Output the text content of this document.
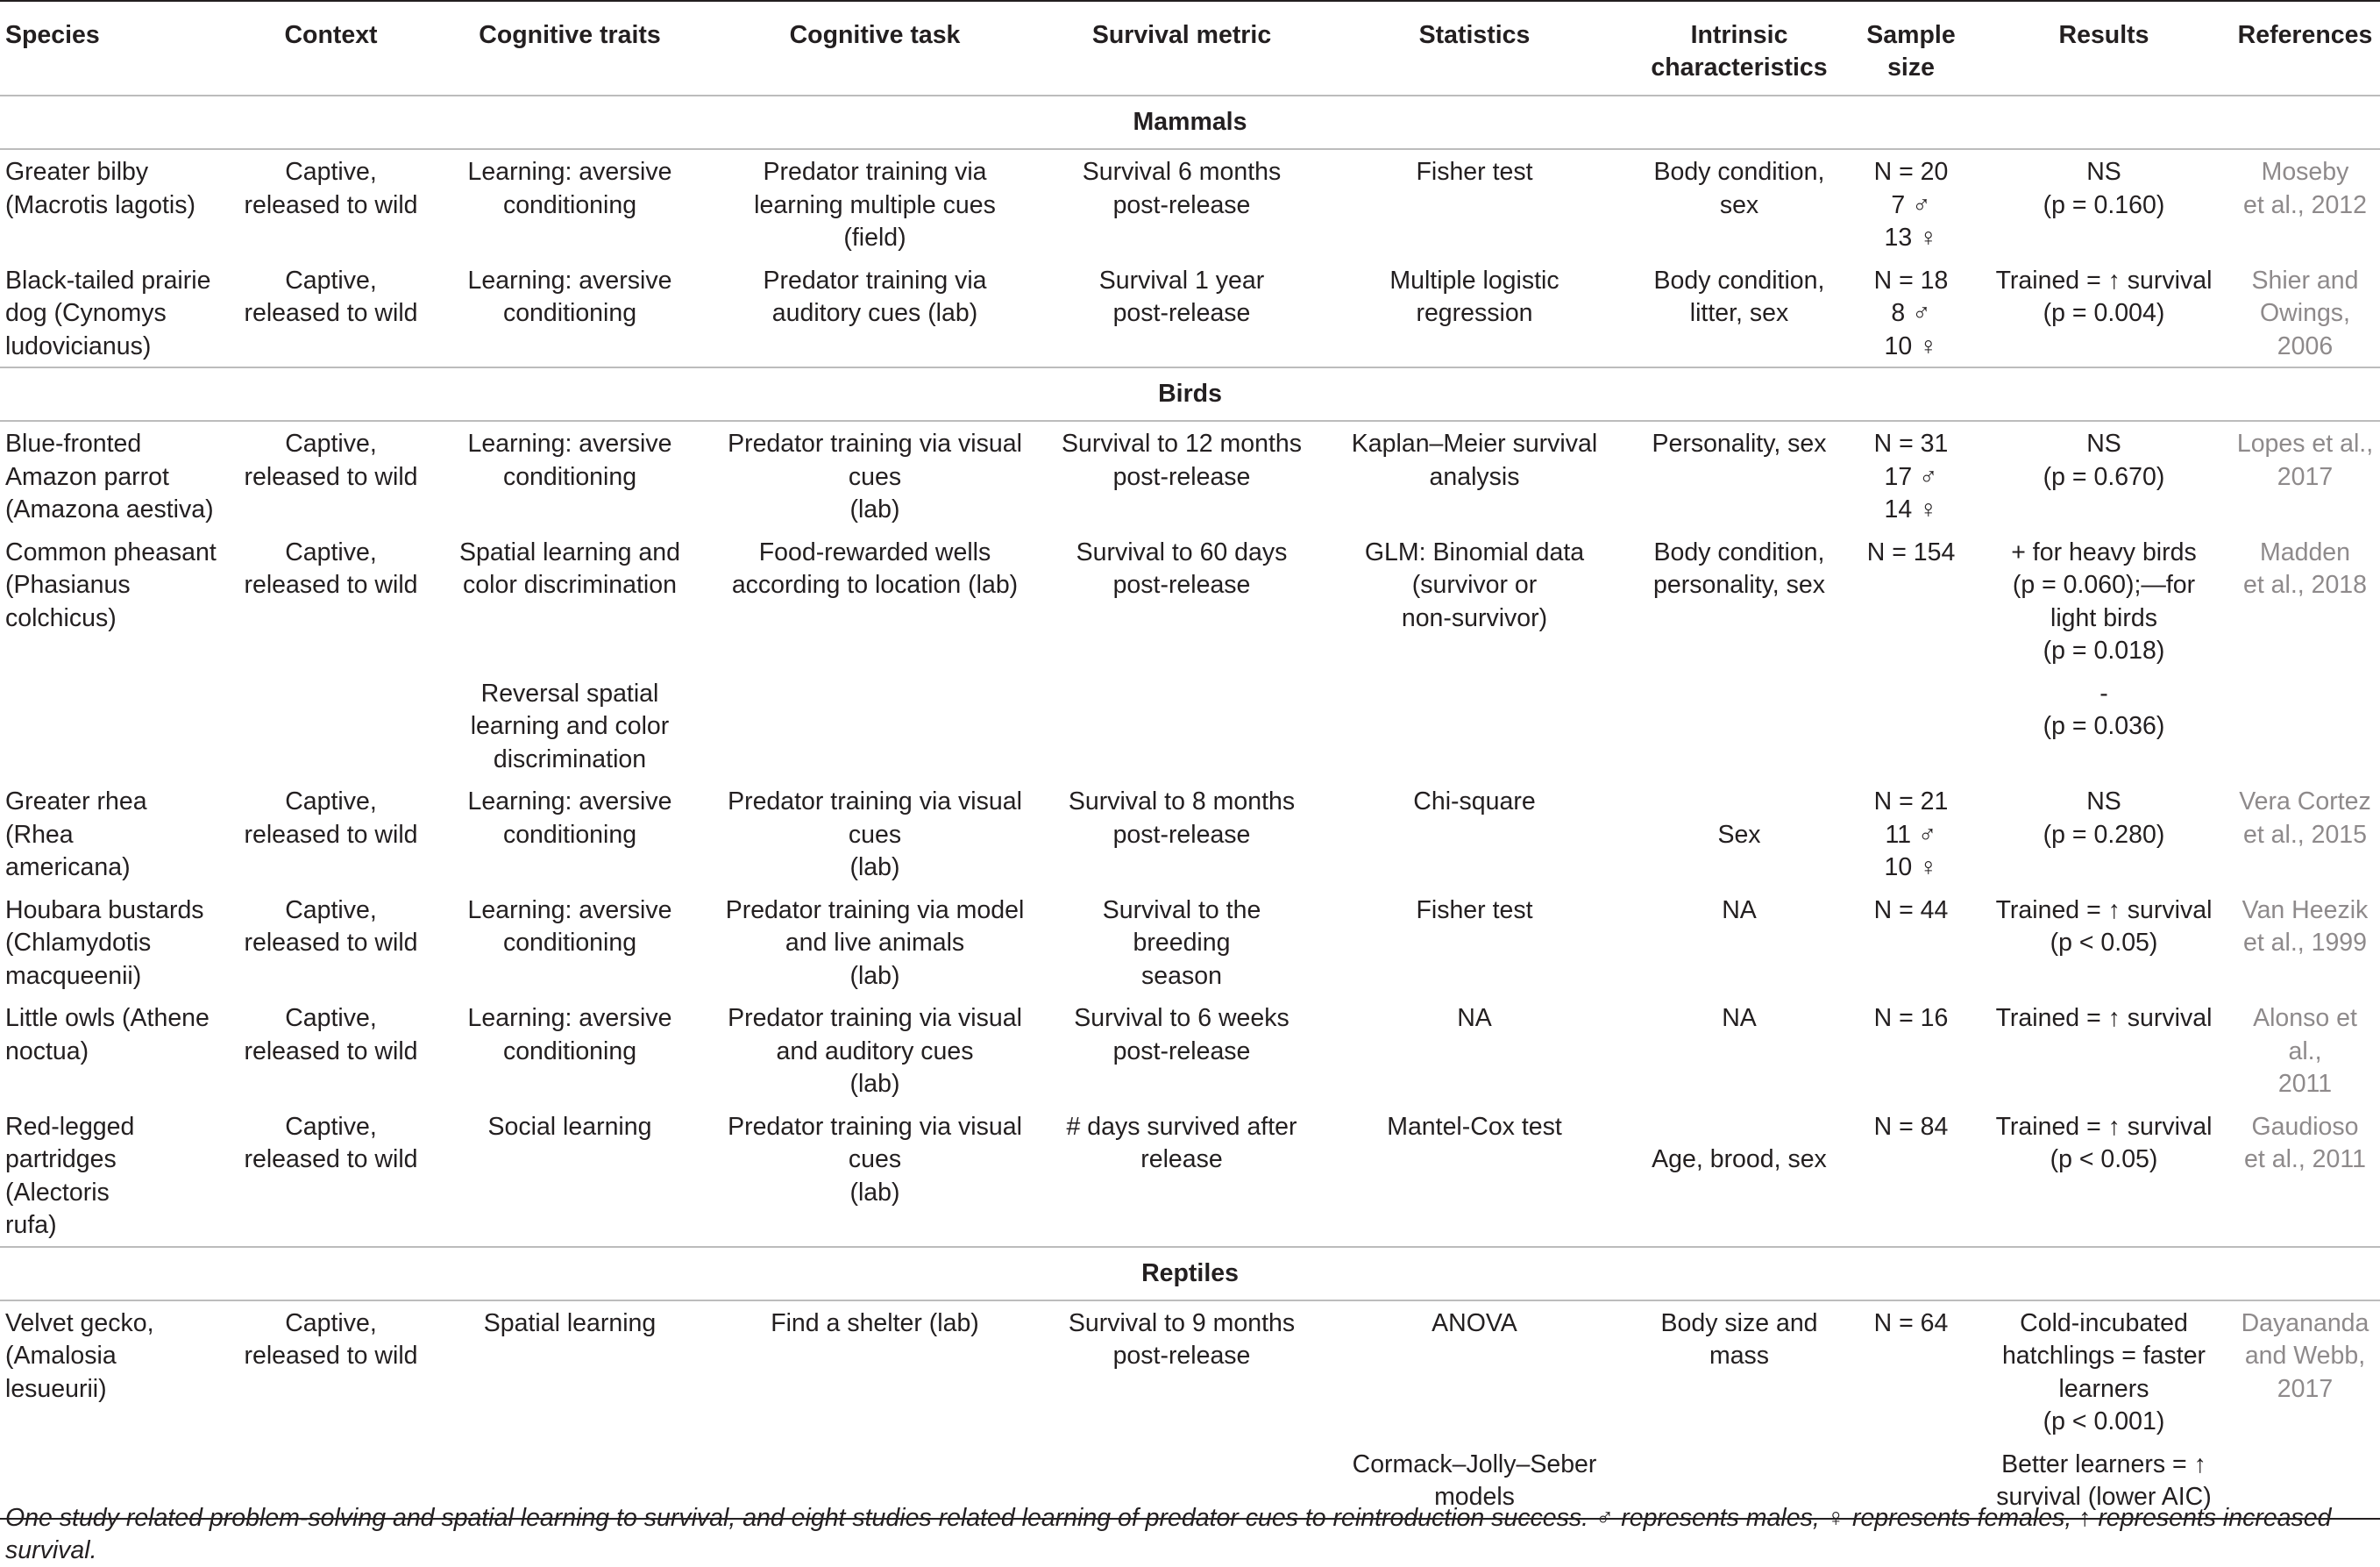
Species	Context	Cognitive traits	Cognitive task	Survival metric	Statistics	Intrinsic
characteristics	Sample
size	Results	References
Mammals									

Greater bilby
(Macrotis lagotis)	Captive,
released to wild	Learning: aversive
conditioning	Predator training via
learning multiple cues
(field)	Survival 6 months
post-release	Fisher test	Body condition,
sex	N = 20
7 ♂
13 ♀	NS
(p = 0.160)	Moseby
et al., 2012

Black-tailed prairie
dog (Cynomys
ludovicianus)	Captive,
released to wild	Learning: aversive
conditioning	Predator training via
auditory cues (lab)	Survival 1 year
post-release	Multiple logistic
regression	Body condition,
litter, sex	N = 18
8 ♂
10 ♀	Trained = ↑ survival
(p = 0.004)	Shier and
Owings,
2006

Birds									

Blue-fronted
Amazon parrot
(Amazona aestiva)	Captive,
released to wild	Learning: aversive
conditioning	Predator training via visual
cues
(lab)	Survival to 12 months
post-release	Kaplan–Meier survival
analysis	Personality, sex	N = 31
17 ♂
14 ♀	NS
(p = 0.670)	Lopes et al.,
2017

Common pheasant
(Phasianus
colchicus)	Captive,
released to wild	Spatial learning and
color discrimination	Food-rewarded wells
according to location (lab)	Survival to 60 days
post-release	GLM: Binomial data
(survivor or
non-survivor)	Body condition,
personality, sex	N = 154	+ for heavy birds
(p = 0.060);—for
light birds
(p = 0.018)	Madden
et al., 2018

		Reversal spatial
learning and color
discrimination						-
(p = 0.036)	

Greater rhea (Rhea
americana)	Captive,
released to wild	Learning: aversive
conditioning	Predator training via visual
cues
(lab)	Survival to 8 months
post-release	Chi-square	Sex	N = 21
11 ♂
10 ♀	NS
(p = 0.280)	Vera Cortez
et al., 2015

Houbara bustards
(Chlamydotis
macqueenii)	Captive,
released to wild	Learning: aversive
conditioning	Predator training via model
and live animals
(lab)	Survival to the breeding
season	Fisher test	NA	N = 44	Trained = ↑ survival
(p < 0.05)	Van Heezik
et al., 1999

Little owls (Athene
noctua)	Captive,
released to wild	Learning: aversive
conditioning	Predator training via visual
and auditory cues
(lab)	Survival to 6 weeks
post-release	NA	NA	N = 16	Trained = ↑ survival	Alonso et al.,
2011

Red-legged
partridges (Alectoris
rufa)	Captive,
released to wild	Social learning	Predator training via visual
cues
(lab)	# days survived after
release	Mantel-Cox test	Age, brood, sex	N = 84	Trained = ↑ survival
(p < 0.05)	Gaudioso
et al., 2011

Reptiles									

Velvet gecko,
(Amalosia lesueurii)	Captive,
released to wild	Spatial learning	Find a shelter (lab)	Survival to 9 months
post-release	ANOVA	Body size and
mass	N = 64	Cold-incubated
hatchlings = faster
learners
(p < 0.001)	Dayananda
and Webb,
2017

					Cormack–Jolly–Seber
models			Better learners = ↑
survival (lower AIC)	

One study related problem-solving and spatial learning to survival, and eight studies related learning of predator cues to reintroduction success. ♂ represents males, ♀ represents females, ↑ represents increased survival.
